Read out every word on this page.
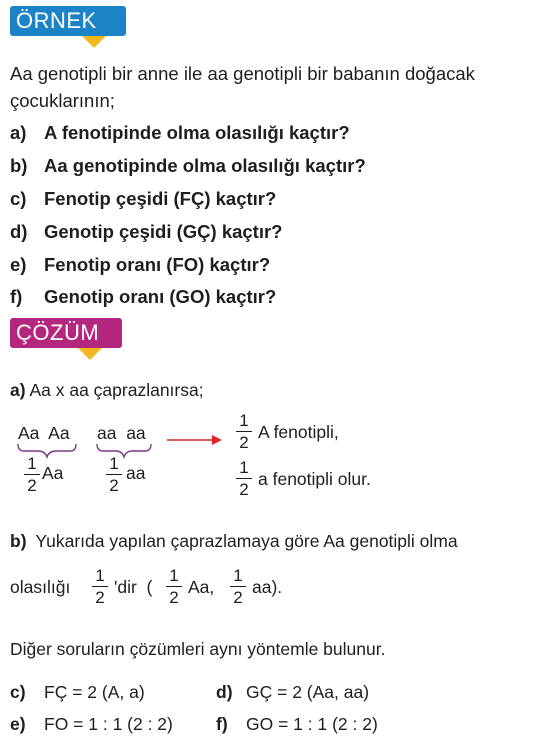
ÖRNEK
Aa genotipli bir anne ile aa genotipli bir babanın doğacak
çocuklarının;
a) A fenotipinde olma olasılığı kaçtır?
b) Aa genotipinde olma olasılığı kaçtır?
c) Fenotip çeşidi (FÇ) kaçtır?
d) Genotip çeşidi (GÇ) kaçtır?
e) Fenotip oranı (FO) kaçtır?
f) Genotip oranı (GO) kaçtır?
ÇÖZÜM
a) Aa x aa çaprazlanırsa;
Aa  Aa aa  aa
1
2
Aa	1
2
aa
1
2
A fenotipli,
1
2
a fenotipli olur.
b) Yukarıda yapılan çaprazlamaya göre Aa genotipli olma
olasılığı
1
2
'dir  (
1
2
Aa,
1
2
aa).
Diğer soruların çözümleri aynı yöntemle bulunur.
c) FÇ = 2 (A, a)	d) GÇ = 2 (Aa, aa)
e) FO = 1 : 1 (2 : 2) f) GO = 1 : 1 (2 : 2)
